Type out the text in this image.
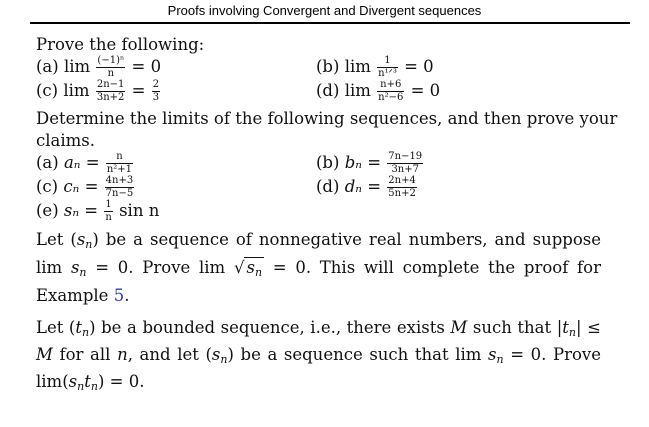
Proofs involving Convergent and Divergent sequences
Prove the following:
(a) $\lim \frac{\text{(−1)ⁿ}}{n} = 0$	(b) $\lim \frac{1}{\text{n¹ᐟ³}} = 0$
(c) $\lim \frac{2n-1}{3n+2} = \frac{2}{3}$	(d) $\lim \frac{n+6}{\text{n²−6}} = 0$
Determine the limits of the following sequences, and then prove your
claims.
(a) $a_n = \frac{n}{\text{n²+1}}$	(b) $b_n = \frac{7n-19}{3n+7}$
(c) $c_n = \frac{4n+3}{7n-5}$	(d) $d_n = \frac{2n+4}{5n+2}$
(e) $s_n = \frac{1}{n}$ sin n
Let $(s_n)$ be a sequence of nonnegative real numbers, and suppose $\lim s_n = 0$. Prove lim √ $s_n = 0$. This will complete the proof for Example 5.
Let $(t_n)$ be a bounded sequence, i.e., there exists M such that $|t_n| \le M$ for all n, and let $(s_n)$ be a sequence such that $\lim s_n = 0$. Prove $\lim(s_nt_n) = 0$.
